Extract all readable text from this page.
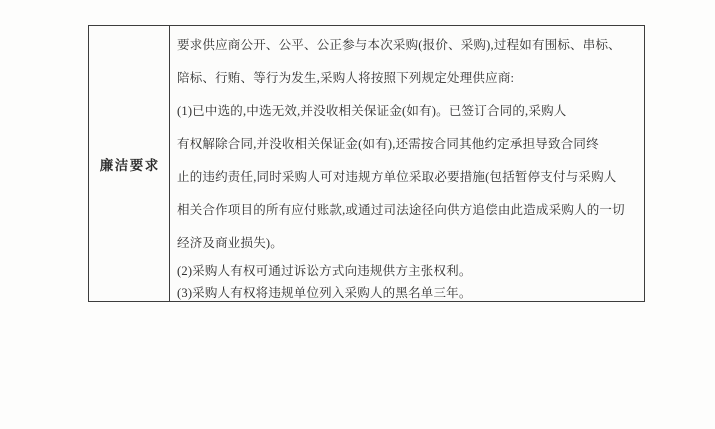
廉洁要求
要求供应商公开、公平、公正参与本次采购(报价、采购),过程如有围标、串标、
陪标、行贿、等行为发生,采购人将按照下列规定处理供应商:
(1)已中选的,中选无效,并没收相关保证金(如有)。已签订合同的,采购人
有权解除合同,并没收相关保证金(如有),还需按合同其他约定承担导致合同终
止的违约责任,同时采购人可对违规方单位采取必要措施(包括暂停支付与采购人
相关合作项目的所有应付账款,或通过司法途径向供方追偿由此造成采购人的一切
经济及商业损失)。
(2)采购人有权可通过诉讼方式向违规供方主张权利。
(3)采购人有权将违规单位列入采购人的黑名单三年。
